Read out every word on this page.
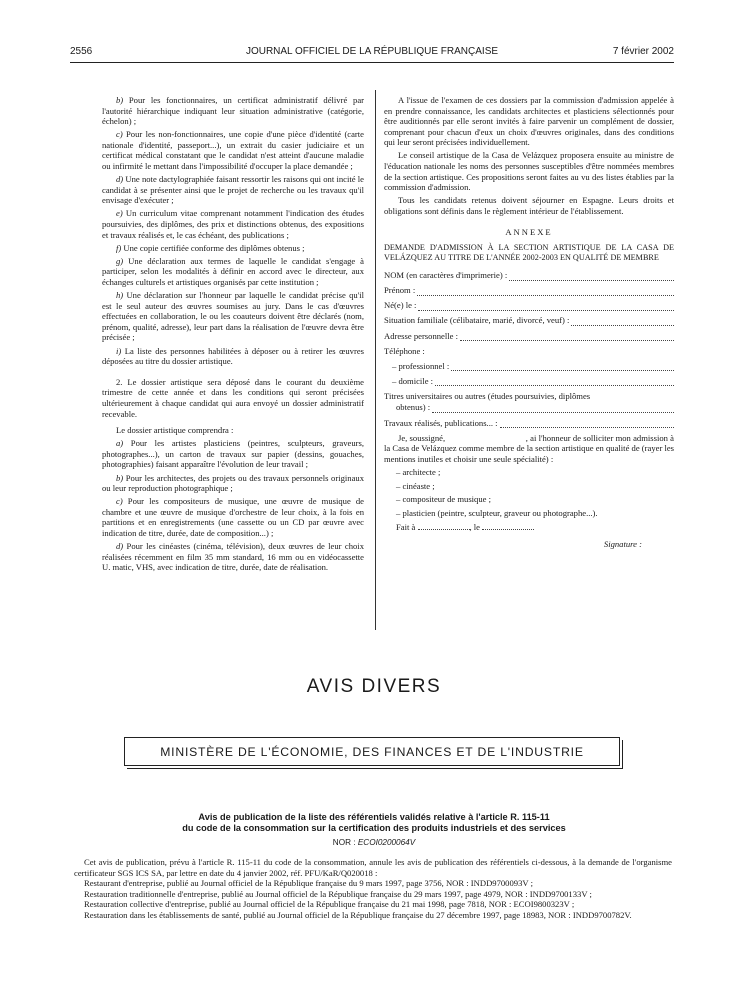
2556	JOURNAL OFFICIEL DE LA RÉPUBLIQUE FRANÇAISE	7 février 2002

b) Pour les fonctionnaires, un certificat administratif délivré par l'autorité hiérarchique indiquant leur situation administrative (catégorie, échelon) ;

c) Pour les non-fonctionnaires, une copie d'une pièce d'identité (carte nationale d'identité, passeport...), un extrait du casier judiciaire et un certificat médical constatant que le candidat n'est atteint d'aucune maladie ou infirmité le mettant dans l'impossibilité d'occuper la place demandée ;

d) Une note dactylographiée faisant ressortir les raisons qui ont incité le candidat à se présenter ainsi que le projet de recherche ou les travaux qu'il envisage d'exécuter ;

e) Un curriculum vitae comprenant notamment l'indication des études poursuivies, des diplômes, des prix et distinctions obtenus, des expositions et travaux réalisés et, le cas échéant, des publications ;

f) Une copie certifiée conforme des diplômes obtenus ;

g) Une déclaration aux termes de laquelle le candidat s'engage à participer, selon les modalités à définir en accord avec le directeur, aux échanges culturels et artistiques organisés par cette institution ;

h) Une déclaration sur l'honneur par laquelle le candidat précise qu'il est le seul auteur des œuvres soumises au jury. Dans le cas d'œuvres effectuées en collaboration, le ou les coauteurs doivent être déclarés (nom, prénom, qualité, adresse), leur part dans la réalisation de l'œuvre devra être précisée ;

i) La liste des personnes habilitées à déposer ou à retirer les œuvres déposées au titre du dossier artistique.

2. Le dossier artistique sera déposé dans le courant du deuxième trimestre de cette année et dans les conditions qui seront précisées ultérieurement à chaque candidat qui aura envoyé un dossier administratif recevable.

Le dossier artistique comprendra :

a) Pour les artistes plasticiens (peintres, sculpteurs, graveurs, photographes...), un carton de travaux sur papier (dessins, gouaches, photographies) faisant apparaître l'évolution de leur travail ;

b) Pour les architectes, des projets ou des travaux personnels originaux ou leur reproduction photographique ;

c) Pour les compositeurs de musique, une œuvre de musique de chambre et une œuvre de musique d'orchestre de leur choix, à la fois en partitions et en enregistrements (une cassette ou un CD par œuvre avec indication de titre, durée, date de composition...) ;

d) Pour les cinéastes (cinéma, télévision), deux œuvres de leur choix réalisées récemment en film 35 mm standard, 16 mm ou en vidéocassette U. matic, VHS, avec indication de titre, durée, date de réalisation.

A l'issue de l'examen de ces dossiers par la commission d'admission appelée à en prendre connaissance, les candidats architectes et plasticiens sélectionnés pour être auditionnés par elle seront invités à faire parvenir un complément de dossier, comprenant pour chacun d'eux un choix d'œuvres originales, dans des conditions qui leur seront précisées individuellement.

Le conseil artistique de la Casa de Velázquez proposera ensuite au ministre de l'éducation nationale les noms des personnes susceptibles d'être nommées membres de la section artistique. Ces propositions seront faites au vu des listes établies par la commission d'admission.

Tous les candidats retenus doivent séjourner en Espagne. Leurs droits et obligations sont définis dans le règlement intérieur de l'établissement.

ANNEXE
DEMANDE D'ADMISSION À LA SECTION ARTISTIQUE DE LA CASA DE VELÁZQUEZ AU TITRE DE L'ANNÉE 2002-2003 EN QUALITÉ DE MEMBRE
NOM (en caractères d'imprimerie) :
Prénom :
Né(e) le :
Situation familiale (célibataire, marié, divorcé, veuf) :
Adresse personnelle :
Téléphone :
– professionnel :
– domicile :
Titres universitaires ou autres (études poursuivies, diplômes
obtenus) :
Travaux réalisés, publications... :

Je, soussigné,                                    , ai l'honneur de solliciter mon admission à la Casa de Velázquez comme membre de la section artistique en qualité de (rayer les mentions inutiles et choisir une seule spécialité) :

– architecte ;
– cinéaste ;
– compositeur de musique ;
– plasticien (peintre, sculpteur, graveur ou photographe...).
Fait à	, le
Signature :
AVIS DIVERS
MINISTÈRE DE L'ÉCONOMIE, DES FINANCES ET DE L'INDUSTRIE
Avis de publication de la liste des référentiels validés relative à l'article R. 115-11
du code de la consommation sur la certification des produits industriels et des services
NOR : ECOI0200064V

Cet avis de publication, prévu à l'article R. 115-11 du code de la consommation, annule les avis de publication des référentiels ci-dessous, à la demande de l'organisme certificateur SGS ICS SA, par lettre en date du 4 janvier 2002, réf. PFU/KaR/Q020018 :

Restaurant d'entreprise, publié au Journal officiel de la République française du 9 mars 1997, page 3756, NOR : INDD9700093V ;

Restauration traditionnelle d'entreprise, publié au Journal officiel de la République française du 29 mars 1997, page 4979, NOR : INDD9700133V ;

Restauration collective d'entreprise, publié au Journal officiel de la République française du 21 mai 1998, page 7818, NOR : ECOI9800323V ;

Restauration dans les établissements de santé, publié au Journal officiel de la République française du 27 décembre 1997, page 18983, NOR : INDD9700782V.
